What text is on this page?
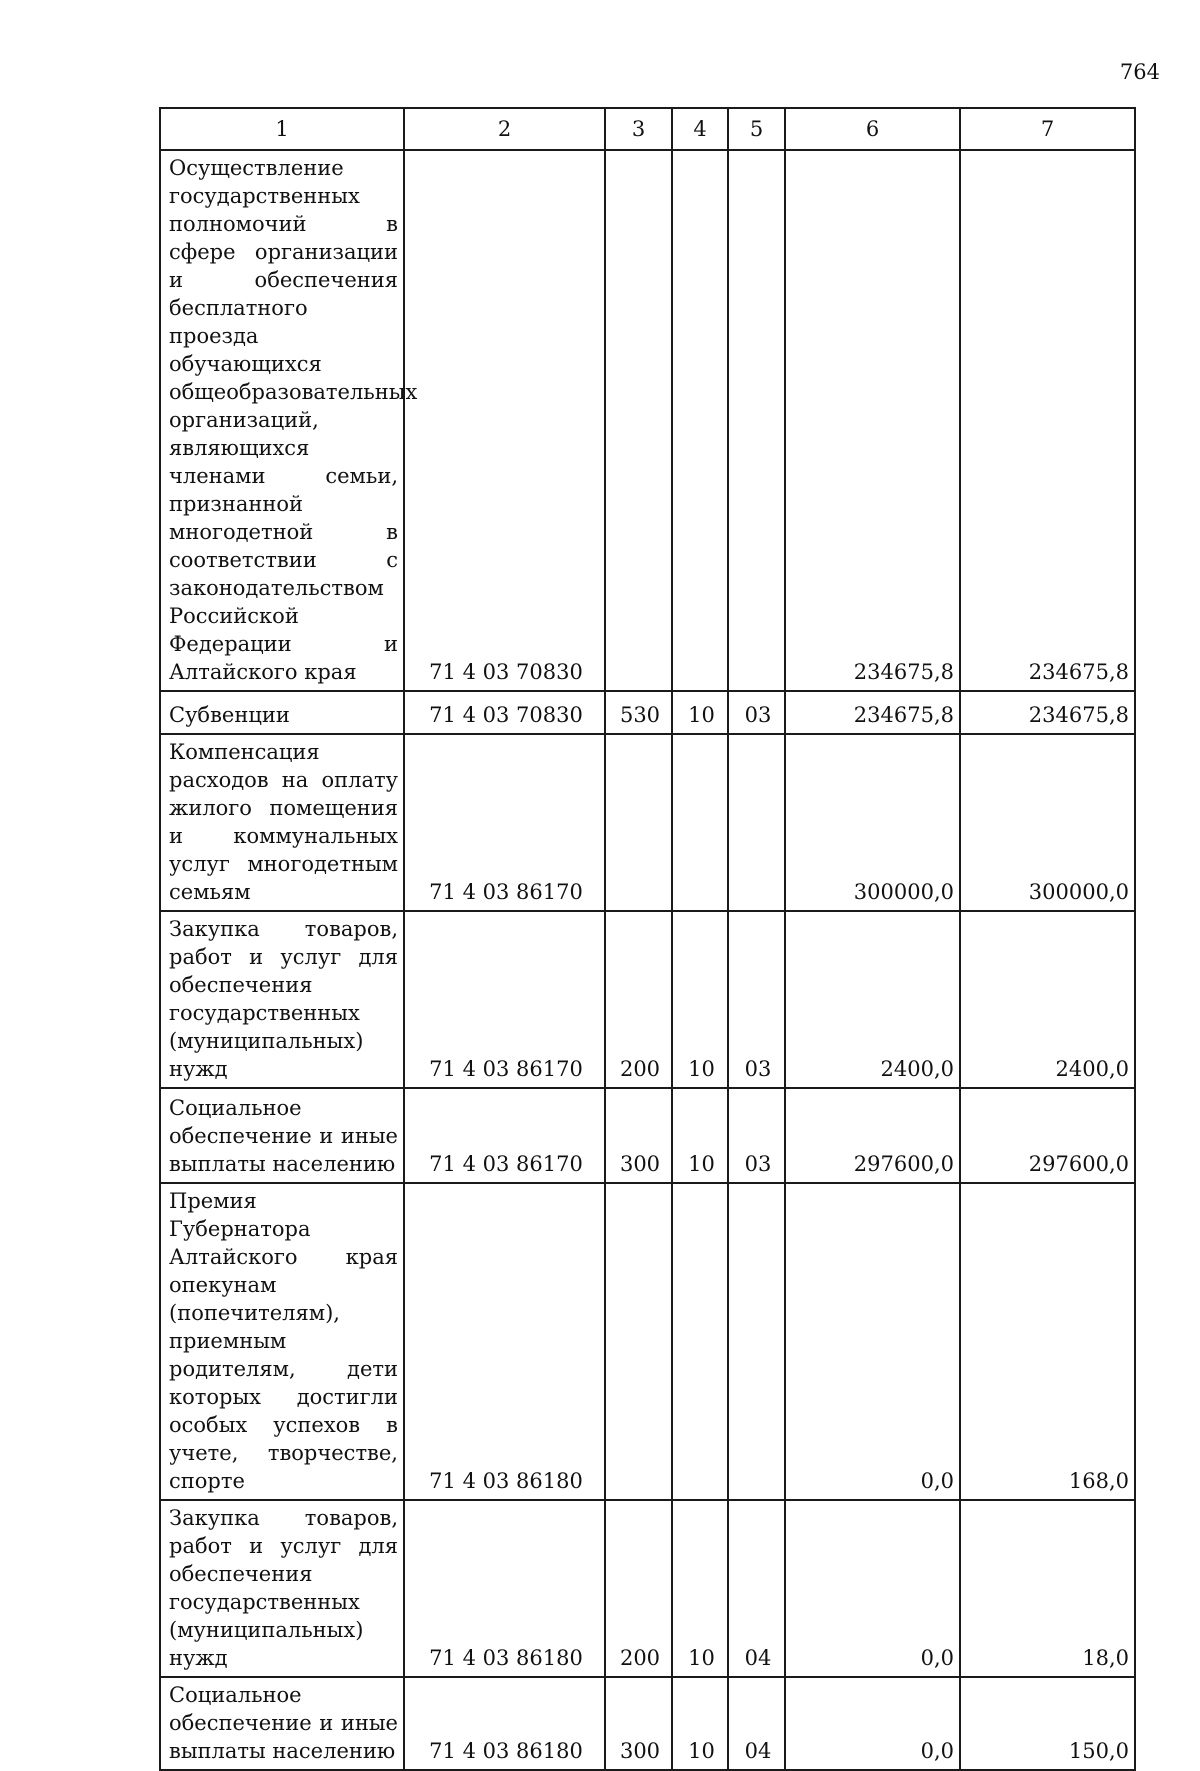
764
1	2	3	4	5	6	7
Осуществление государственных полномочий в сфере организации и обеспечения бесплатного проезда обучающихся общеобразовательных организаций, являющихся членами семьи, признанной многодетной в соответствии с законодательством Российской Федерации и Алтайского края	71 4 03 70830				234675,8	234675,8
Субвенции	71 4 03 70830	530	10	03	234675,8	234675,8
Компенсация расходов на оплату жилого помещения и коммунальных услуг многодетным семьям	71 4 03 86170				300000,0	300000,0
Закупка товаров, работ и услуг для обеспечения государственных (муниципальных) нужд	71 4 03 86170	200	10	03	2400,0	2400,0
Социальное обеспечение и иные выплаты населению	71 4 03 86170	300	10	03	297600,0	297600,0
Премия Губернатора Алтайского края опекунам (попечителям), приемным родителям, дети которых достигли особых успехов в учете, творчестве, спорте	71 4 03 86180				0,0	168,0
Закупка товаров, работ и услуг для обеспечения государственных (муниципальных) нужд	71 4 03 86180	200	10	04	0,0	18,0
Социальное обеспечение и иные выплаты населению	71 4 03 86180	300	10	04	0,0	150,0
